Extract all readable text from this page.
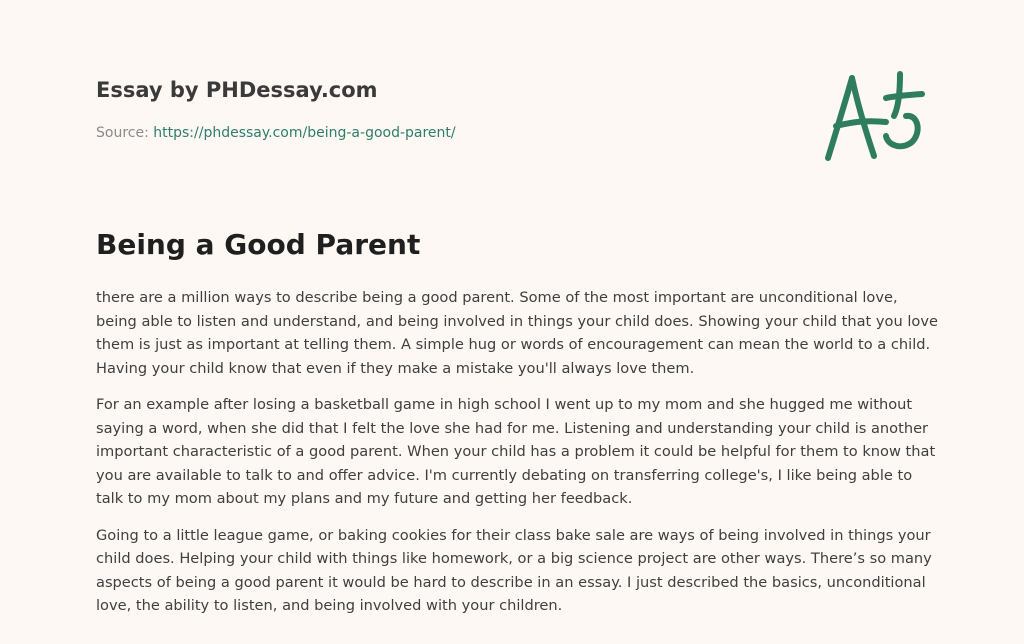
Essay by PHDessay.com
Source: https://phdessay.com/being-a-good-parent/
Being a Good Parent

there are a million ways to describe being a good parent. Some of the most important are unconditional love, being able to listen and understand, and being involved in things your child does. Showing your child that you love them is just as important at telling them. A simple hug or words of encouragement can mean the world to a child. Having your child know that even if they make a mistake you'll always love them.

For an example after losing a basketball game in high school I went up to my mom and she hugged me without saying a word, when she did that I felt the love she had for me. Listening and understanding your child is another important characteristic of a good parent. When your child has a problem it could be helpful for them to know that you are available to talk to and offer advice. I'm currently debating on transferring college's, I like being able to talk to my mom about my plans and my future and getting her feedback.

Going to a little league game, or baking cookies for their class bake sale are ways of being involved in things your child does. Helping your child with things like homework, or a big science project are other ways. There’s so many aspects of being a good parent it would be hard to describe in an essay. I just described the basics, unconditional love, the ability to listen, and being involved with your children.
